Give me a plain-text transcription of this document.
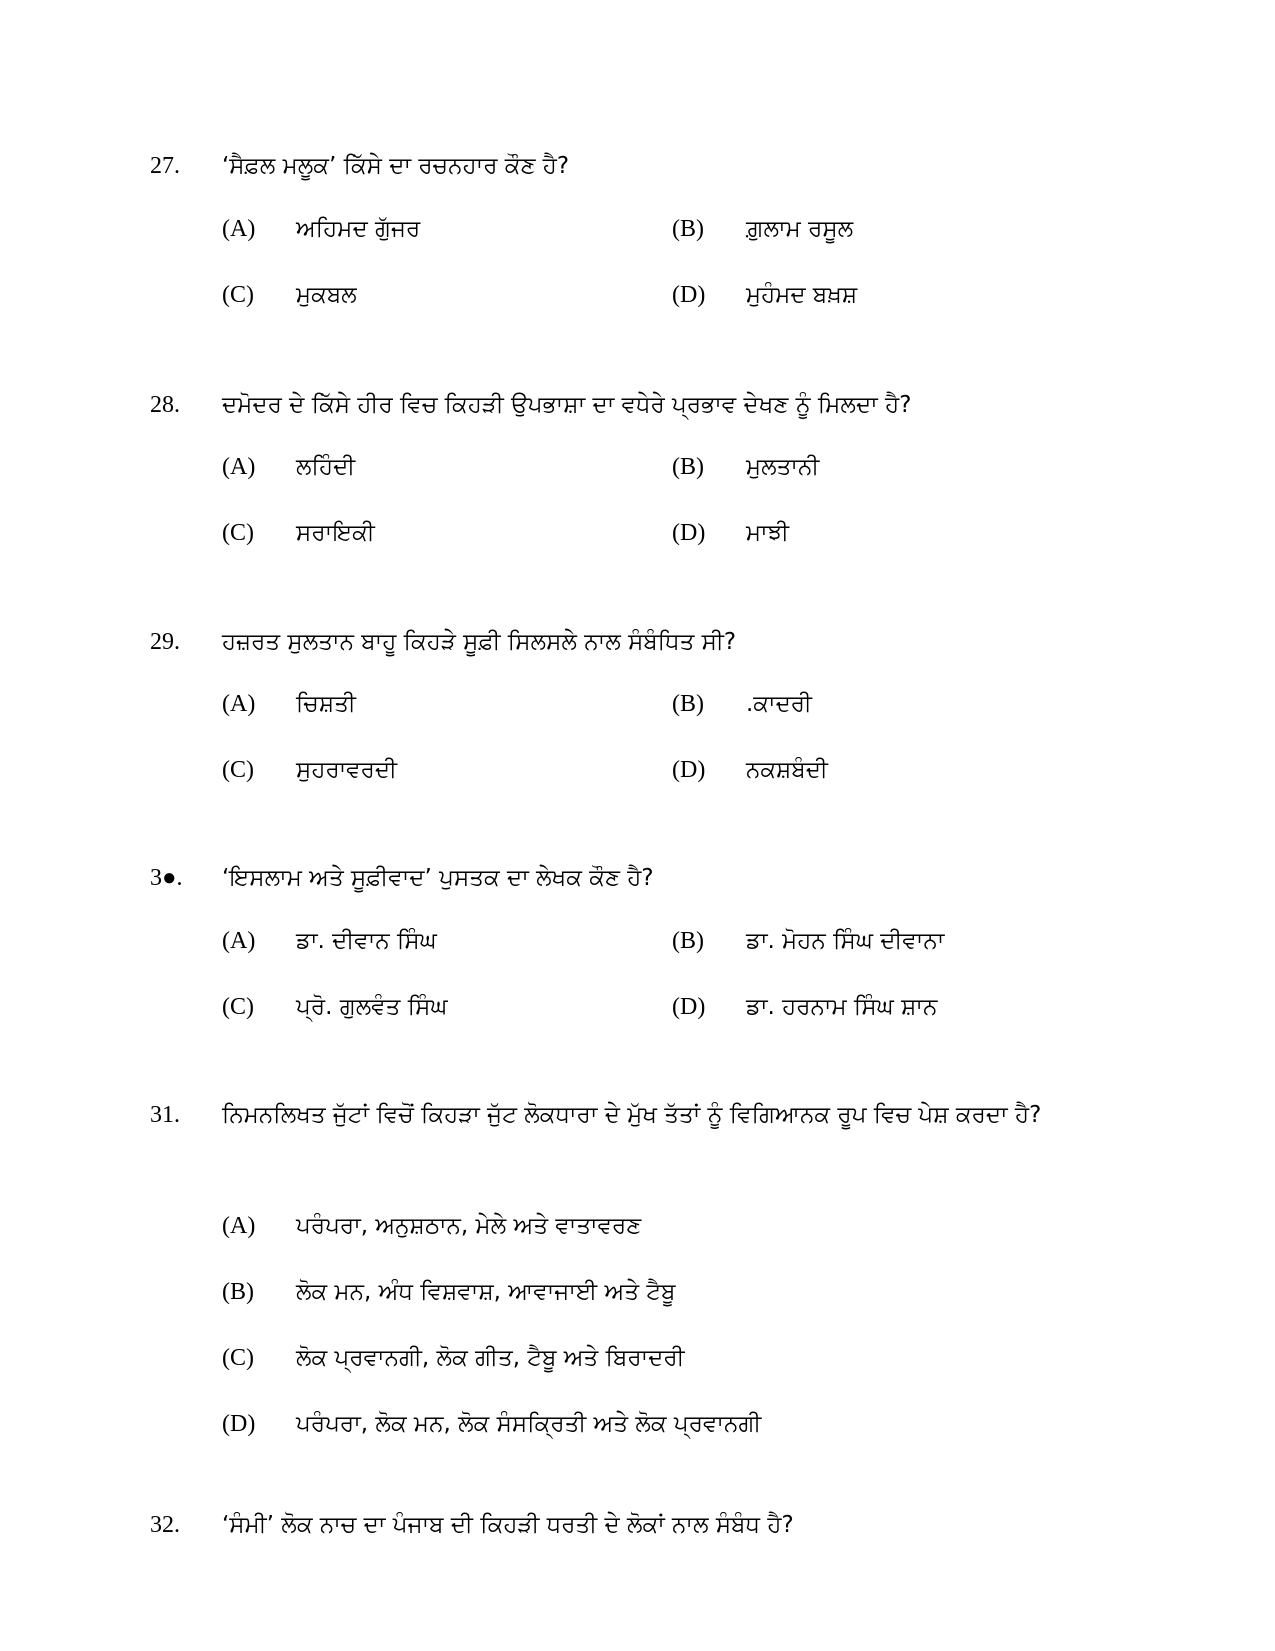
27. ‘ਸੈਫ਼ਲ ਮਲੂਕ’ ਕਿੱਸੇ ਦਾ ਰਚਨਹਾਰ ਕੌਣ ਹੈ?
(A) ਅਹਿਮਦ ਗੁੱਜਰ	(B) ਗ਼ੁਲਾਮ ਰਸੂਲ
(C) ਮੁਕਬਲ	(D) ਮੁਹੰਮਦ ਬਖ਼ਸ਼
28. ਦਮੋਦਰ ਦੇ ਕਿੱਸੇ ਹੀਰ ਵਿਚ ਕਿਹੜੀ ਉਪਭਾਸ਼ਾ ਦਾ ਵਧੇਰੇ ਪ੍ਰਭਾਵ ਦੇਖਣ ਨੂੰ ਮਿਲਦਾ ਹੈ?
(A) ਲਹਿੰਦੀ	(B) ਮੁਲਤਾਨੀ
(C) ਸਰਾਇਕੀ	(D) ਮਾਝੀ
29. ਹਜ਼ਰਤ ਸੁਲਤਾਨ ਬਾਹੂ ਕਿਹੜੇ ਸੂਫ਼ੀ ਸਿਲਸਲੇ ਨਾਲ ਸੰਬੰਧਿਤ ਸੀ?
(A) ਚਿਸ਼ਤੀ	(B) .ਕਾਦਰੀ
(C) ਸੁਹਰਾਵਰਦੀ	(D) ਨਕਸ਼ਬੰਦੀ
3●. ‘ਇਸਲਾਮ ਅਤੇ ਸੂਫ਼ੀਵਾਦ’ ਪੁਸਤਕ ਦਾ ਲੇਖਕ ਕੌਣ ਹੈ?
(A) ਡਾ. ਦੀਵਾਨ ਸਿੰਘ	(B) ਡਾ. ਮੋਹਨ ਸਿੰਘ ਦੀਵਾਨਾ
(C) ਪ੍ਰੋ. ਗੁਲਵੰਤ ਸਿੰਘ	(D) ਡਾ. ਹਰਨਾਮ ਸਿੰਘ ਸ਼ਾਨ
31. ਨਿਮਨਲਿਖਤ ਜੁੱਟਾਂ ਵਿਚੋਂ ਕਿਹੜਾ ਜੁੱਟ ਲੋਕਧਾਰਾ ਦੇ ਮੁੱਖ ਤੱਤਾਂ ਨੂੰ ਵਿਗਿਆਨਕ ਰੂਪ ਵਿਚ ਪੇਸ਼ ਕਰਦਾ ਹੈ?
(A) ਪਰੰਪਰਾ, ਅਨੁਸ਼ਠਾਨ, ਮੇਲੇ ਅਤੇ ਵਾਤਾਵਰਣ
(B) ਲੋਕ ਮਨ, ਅੰਧ ਵਿਸ਼ਵਾਸ਼, ਆਵਾਜਾਈ ਅਤੇ ਟੈਬੂ
(C) ਲੋਕ ਪ੍ਰਵਾਨਗੀ, ਲੋਕ ਗੀਤ, ਟੈਬੂ ਅਤੇ ਬਿਰਾਦਰੀ
(D) ਪਰੰਪਰਾ, ਲੋਕ ਮਨ, ਲੋਕ ਸੰਸਕ੍ਰਿਤੀ ਅਤੇ ਲੋਕ ਪ੍ਰਵਾਨਗੀ
32. ‘ਸੰਮੀ’ ਲੋਕ ਨਾਚ ਦਾ ਪੰਜਾਬ ਦੀ ਕਿਹੜੀ ਧਰਤੀ ਦੇ ਲੋਕਾਂ ਨਾਲ ਸੰਬੰਧ ਹੈ?
